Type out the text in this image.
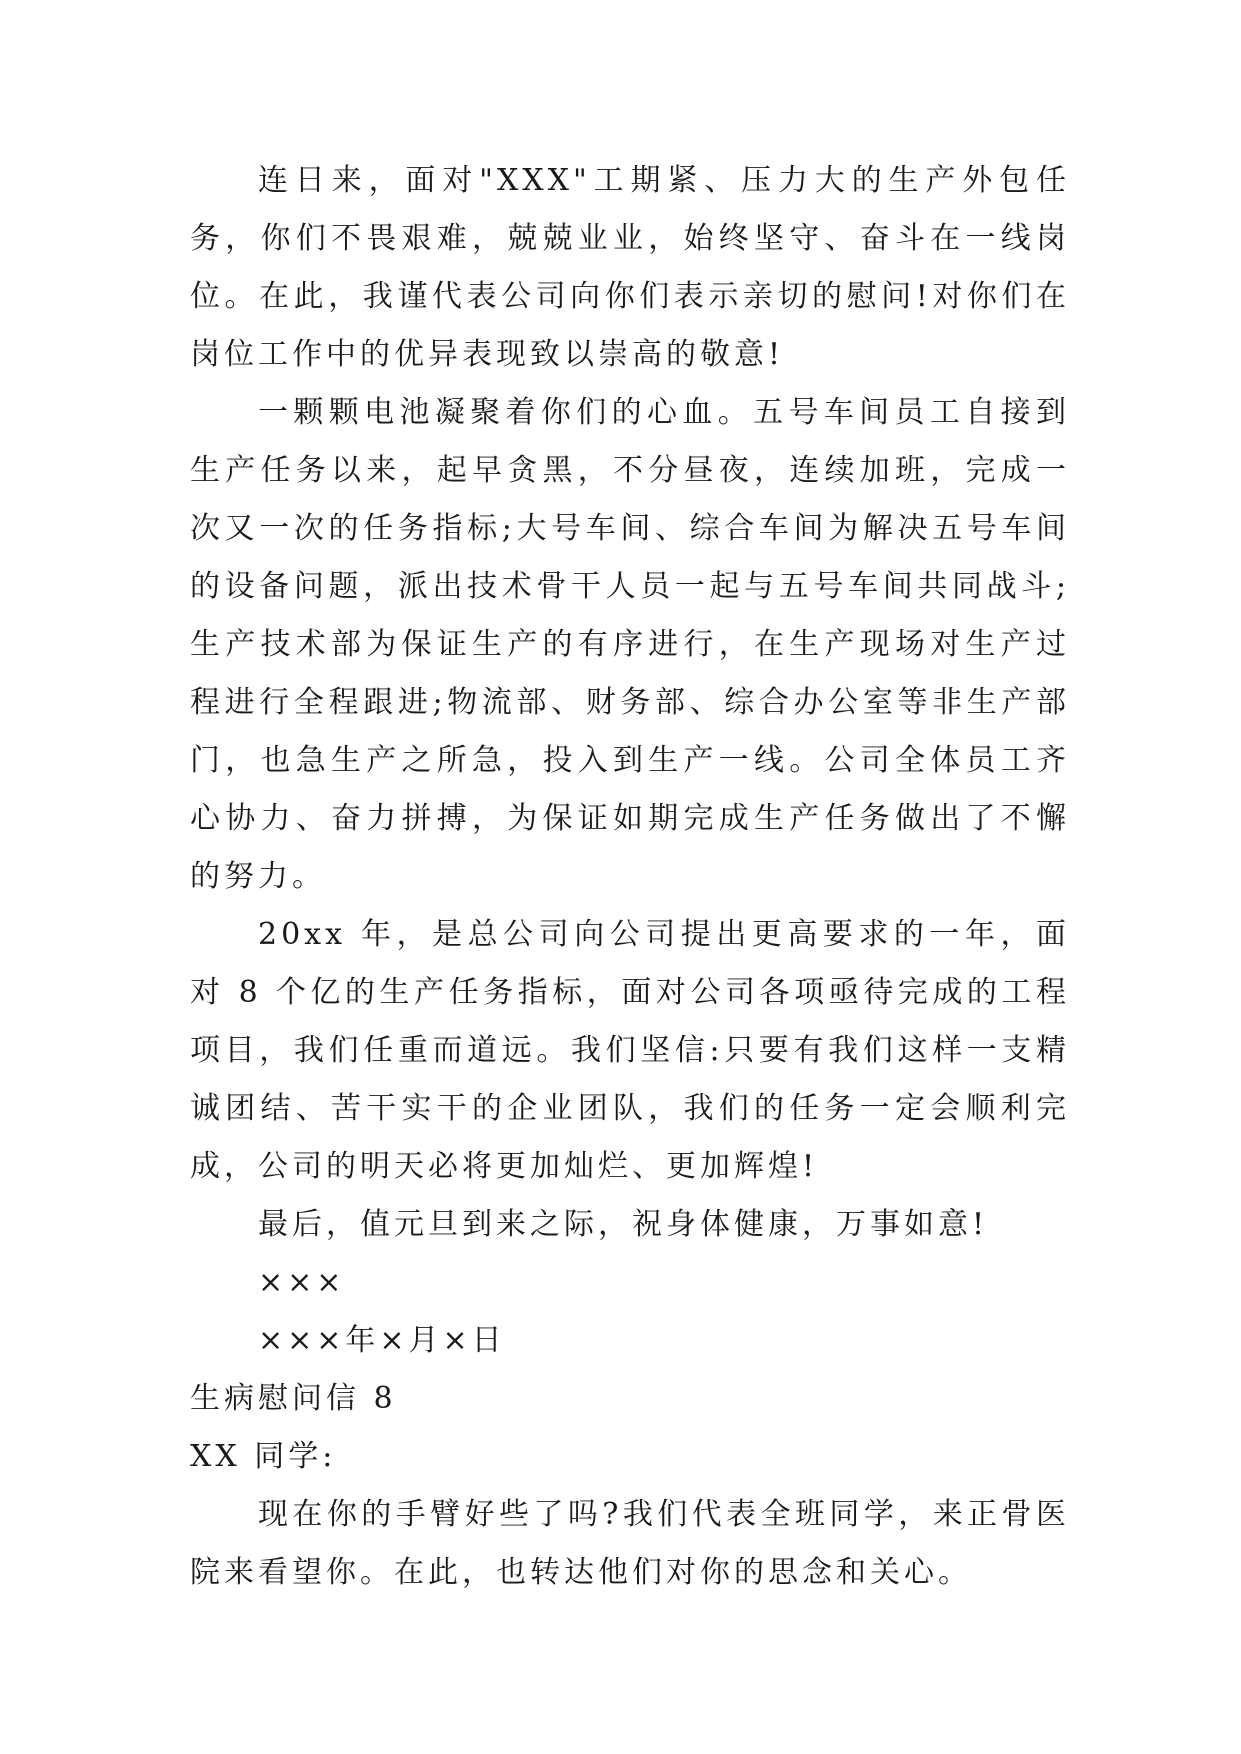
连日来，面对"XXX"工期紧、压力大的生产外包任务，你们不畏艰难，兢兢业业，始终坚守、奋斗在一线岗位。在此，我谨代表公司向你们表示亲切的慰问!对你们在岗位工作中的优异表现致以崇高的敬意!

一颗颗电池凝聚着你们的心血。五号车间员工自接到生产任务以来，起早贪黑，不分昼夜，连续加班，完成一次又一次的任务指标;大号车间、综合车间为解决五号车间的设备问题，派出技术骨干人员一起与五号车间共同战斗;生产技术部为保证生产的有序进行，在生产现场对生产过程进行全程跟进;物流部、财务部、综合办公室等非生产部门，也急生产之所急，投入到生产一线。公司全体员工齐心协力、奋力拼搏，为保证如期完成生产任务做出了不懈的努力。

20xx 年，是总公司向公司提出更高要求的一年，面对 8 个亿的生产任务指标，面对公司各项亟待完成的工程项目，我们任重而道远。我们坚信:只要有我们这样一支精诚团结、苦干实干的企业团队，我们的任务一定会顺利完成，公司的明天必将更加灿烂、更加辉煌!

最后，值元旦到来之际，祝身体健康，万事如意!

×××

×××年×月×日

生病慰问信 8

XX 同学:

现在你的手臂好些了吗?我们代表全班同学，来正骨医院来看望你。在此，也转达他们对你的思念和关心。
